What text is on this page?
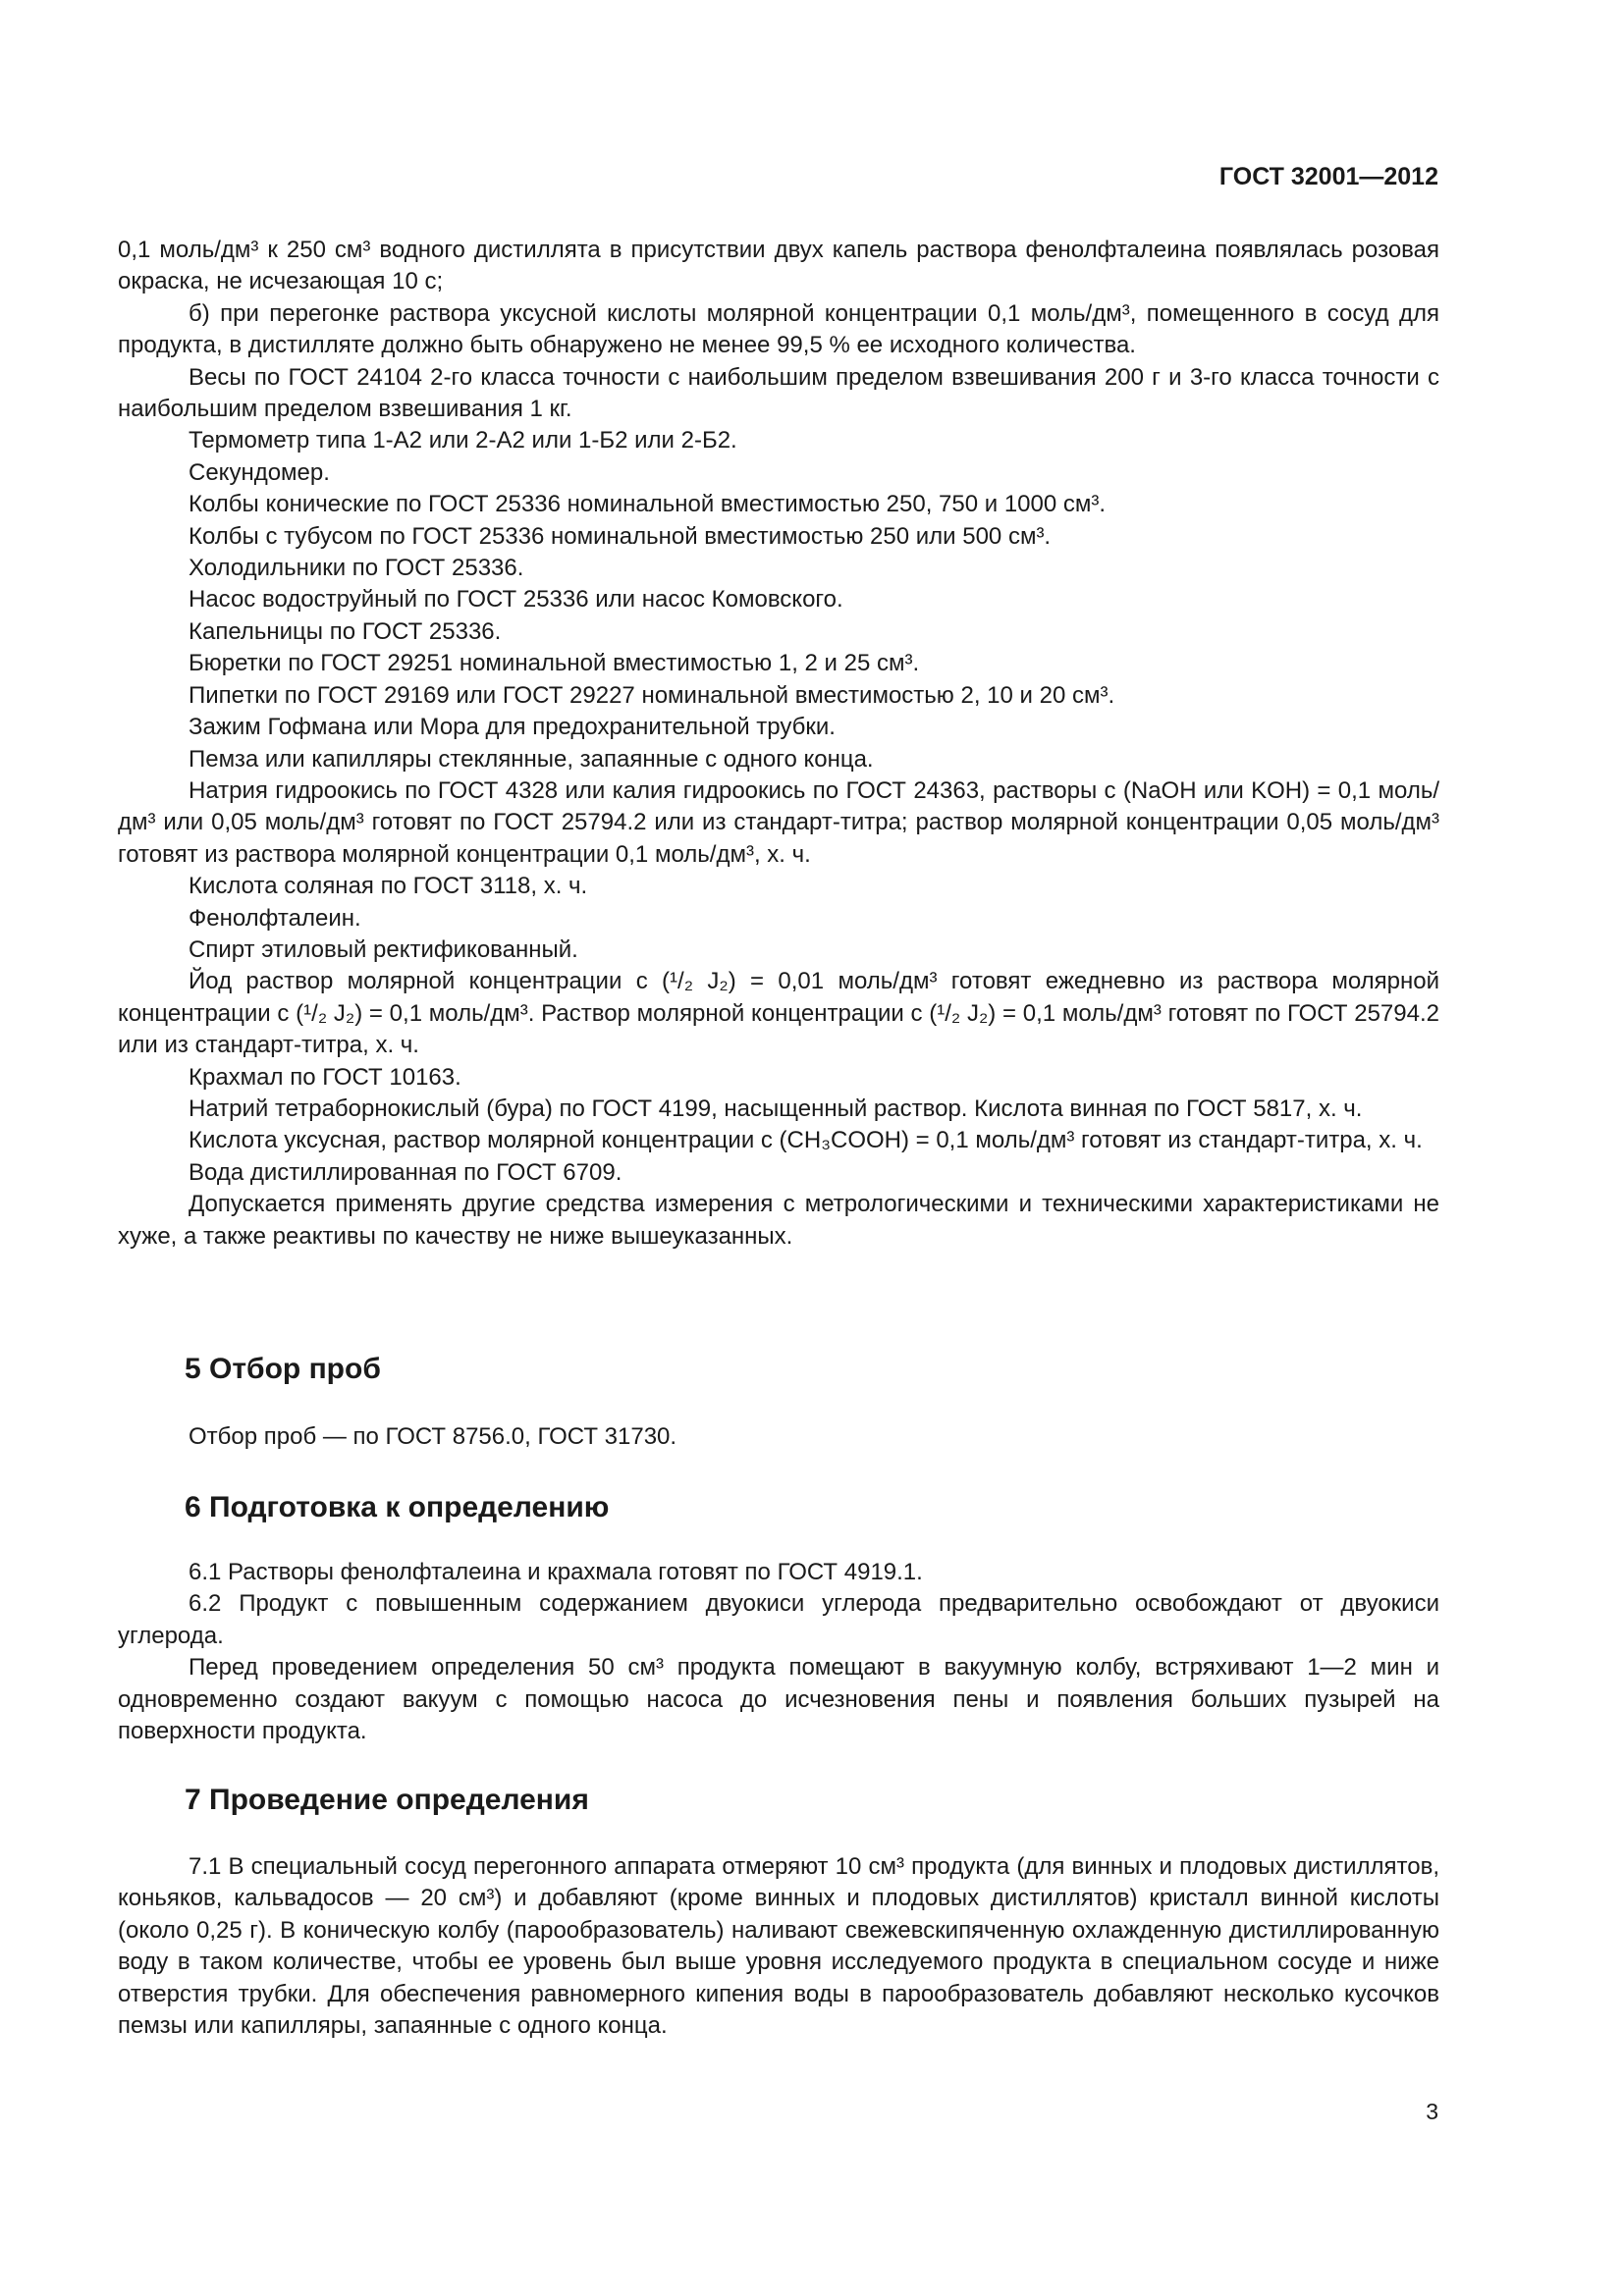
ГОСТ 32001—2012

0,1 моль/дм³ к 250 см³ водного дистиллята в присутствии двух капель раствора фенолфталеина появлялась розовая окраска, не исчезающая 10 с;

б) при перегонке раствора уксусной кислоты молярной концентрации 0,1 моль/дм³, помещенного в сосуд для продукта, в дистилляте должно быть обнаружено не менее 99,5 % ее исходного количества.

Весы по ГОСТ 24104 2-го класса точности с наибольшим пределом взвешивания 200 г и 3-го класса точности с наибольшим пределом взвешивания 1 кг.

Термометр типа 1-А2 или 2-А2 или 1-Б2 или 2-Б2.

Секундомер.

Колбы конические по ГОСТ 25336 номинальной вместимостью 250, 750 и 1000 см³.

Колбы с тубусом по ГОСТ 25336 номинальной вместимостью 250 или 500 см³.

Холодильники по ГОСТ 25336.

Насос водоструйный по ГОСТ 25336 или насос Комовского.

Капельницы по ГОСТ 25336.

Бюретки по ГОСТ 29251 номинальной вместимостью 1, 2 и 25 см³.

Пипетки по ГОСТ 29169 или ГОСТ 29227 номинальной вместимостью 2, 10 и 20 см³.

Зажим Гофмана или Мора для предохранительной трубки.

Пемза или капилляры стеклянные, запаянные с одного конца.

Натрия гидроокись по ГОСТ 4328 или калия гидроокись по ГОСТ 24363, растворы c (NaOH или KOH) = 0,1 моль/дм³ или 0,05 моль/дм³ готовят по ГОСТ 25794.2 или из стандарт-титра; раствор молярной концентрации 0,05 моль/дм³ готовят из раствора молярной концентрации 0,1 моль/дм³, х. ч.

Кислота соляная по ГОСТ 3118, х. ч.

Фенолфталеин.

Спирт этиловый ректификованный.

Йод раствор молярной концентрации c (¹/₂ J₂) = 0,01 моль/дм³ готовят ежедневно из раствора молярной концентрации c (¹/₂ J₂) = 0,1 моль/дм³. Раствор молярной концентрации c (¹/₂ J₂) = 0,1 моль/дм³ готовят по ГОСТ 25794.2 или из стандарт-титра, х. ч.

Крахмал по ГОСТ 10163.

Натрий тетраборнокислый (бура) по ГОСТ 4199, насыщенный раствор. Кислота винная по ГОСТ 5817, х. ч.

Кислота уксусная, раствор молярной концентрации c (CH₃COOH) = 0,1 моль/дм³ готовят из стандарт-титра, х. ч.

Вода дистиллированная по ГОСТ 6709.

Допускается применять другие средства измерения с метрологическими и техническими характеристиками не хуже, а также реактивы по качеству не ниже вышеуказанных.

5 Отбор проб

Отбор проб — по ГОСТ 8756.0, ГОСТ 31730.

6 Подготовка к определению

6.1 Растворы фенолфталеина и крахмала готовят по ГОСТ 4919.1.

6.2 Продукт с повышенным содержанием двуокиси углерода предварительно освобождают от двуокиси углерода.

Перед проведением определения 50 см³ продукта помещают в вакуумную колбу, встряхивают 1—2 мин и одновременно создают вакуум с помощью насоса до исчезновения пены и появления больших пузырей на поверхности продукта.

7 Проведение определения

7.1 В специальный сосуд перегонного аппарата отмеряют 10 см³ продукта (для винных и плодовых дистиллятов, коньяков, кальвадосов — 20 см³) и добавляют (кроме винных и плодовых дистиллятов) кристалл винной кислоты (около 0,25 г). В коническую колбу (парообразователь) наливают свежевскипяченную охлажденную дистиллированную воду в таком количестве, чтобы ее уровень был выше уровня исследуемого продукта в специальном сосуде и ниже отверстия трубки. Для обеспечения равномерного кипения воды в парообразователь добавляют несколько кусочков пемзы или капилляры, запаянные с одного конца.

3
